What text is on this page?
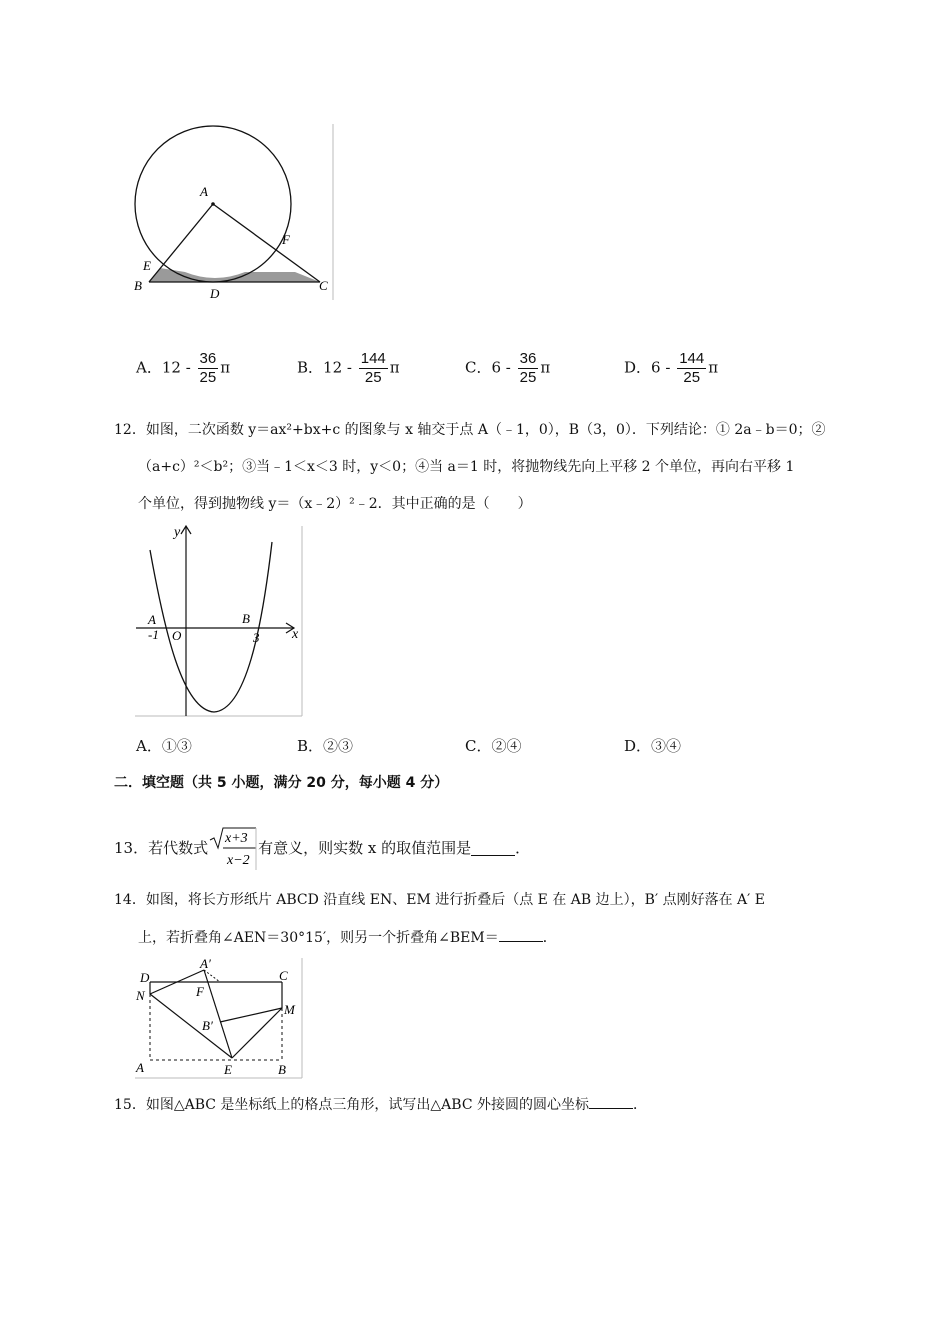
A
B	C
D
E
F
A．$12 - \frac{36}{25}$ π	B．$12 - \frac{144}{25}$ π	C．$6 - \frac{36}{25}$ π	D．$6 - \frac{144}{25}$ π
12．如图，二次函数 y＝ax²+bx+c 的图象与 x 轴交于点 A（﹣1，0），B（3，0）．下列结论：① 2a﹣b＝0；②
（a+c）²＜b²；③当﹣1＜x＜3 时，y＜0；④当 a＝1 时，将抛物线先向上平移 2 个单位，再向右平移 1
个单位，得到抛物线 y＝（x﹣2）²﹣2．其中正确的是（　　）
y
x
A
-1 O
B
3
A．①③	B．②③	C．②④	D．③④
二．填空题（共 5 小题，满分 20 分，每小题 4 分）
13．若代数式
x+3
x−2
有意义，则实数 x 的取值范围是	．
14．如图，将长方形纸片 ABCD 沿直线 EN、EM 进行折叠后（点 E 在 AB 边上），B′ 点刚好落在 A′ E
上，若折叠角∠AEN＝30°15′，则另一个折叠角∠BEM＝	．
D
A′
C
N	F
M
B′
A	E	B
15．如图△ABC 是坐标纸上的格点三角形，试写出△ABC 外接圆的圆心坐标	．
